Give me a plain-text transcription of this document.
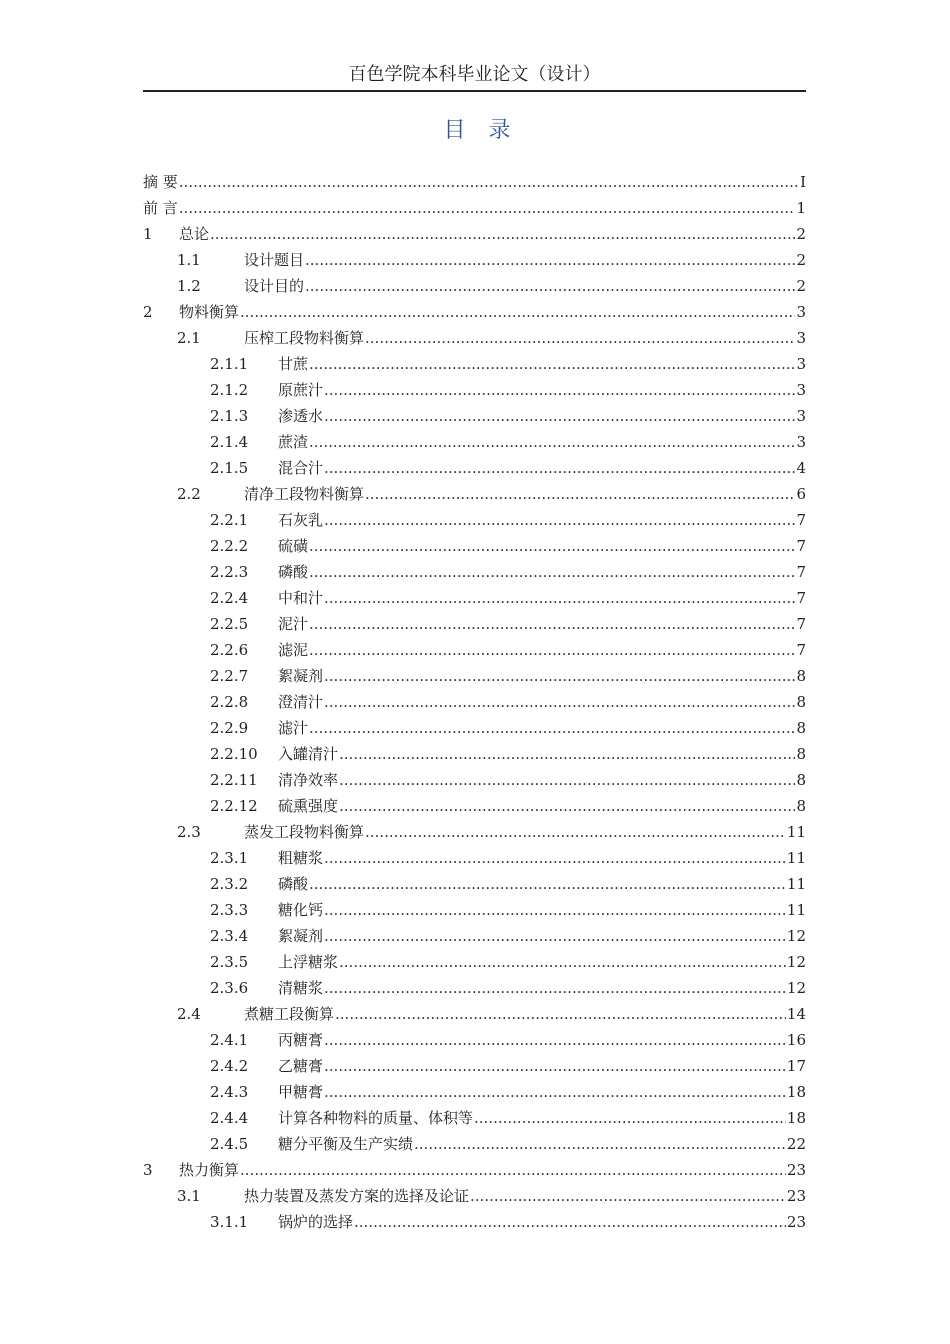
百色学院本科毕业论文（设计）
目 录
摘 要 .....	I
前 言 .....	1
1	总论 .....	2
1.1	设计题目 .....	2
1.2	设计目的 .....	2
2	物料衡算 .....	3
2.1	压榨工段物料衡算 .....	3
2.1.1	甘蔗 .....	3
2.1.2	原蔗汁 .....	3
2.1.3	渗透水 .....	3
2.1.4	蔗渣 .....	3
2.1.5	混合汁 .....	4
2.2	清净工段物料衡算 .....	6
2.2.1	石灰乳 .....	7
2.2.2	硫磺 .....	7
2.2.3	磷酸 .....	7
2.2.4	中和汁 .....	7
2.2.5	泥汁 .....	7
2.2.6	滤泥 .....	7
2.2.7	絮凝剂 .....	8
2.2.8	澄清汁 .....	8
2.2.9	滤汁 .....	8
2.2.10	入罐清汁 .....	8
2.2.11	清净效率 .....	8
2.2.12	硫熏强度 .....	8
2.3	蒸发工段物料衡算 .....	11
2.3.1	粗糖浆 .....	11
2.3.2	磷酸 .....	11
2.3.3	糖化钙 .....	11
2.3.4	絮凝剂 .....	12
2.3.5	上浮糖浆 .....	12
2.3.6	清糖浆 .....	12
2.4	煮糖工段衡算 .....	14
2.4.1	丙糖膏 .....	16
2.4.2	乙糖膏 .....	17
2.4.3	甲糖膏 .....	18
2.4.4	计算各种物料的质量、体积等 .....	18
2.4.5	糖分平衡及生产实绩 .....	22
3	热力衡算 .....	23
3.1	热力装置及蒸发方案的选择及论证 .....	23
3.1.1	锅炉的选择 .....	23
